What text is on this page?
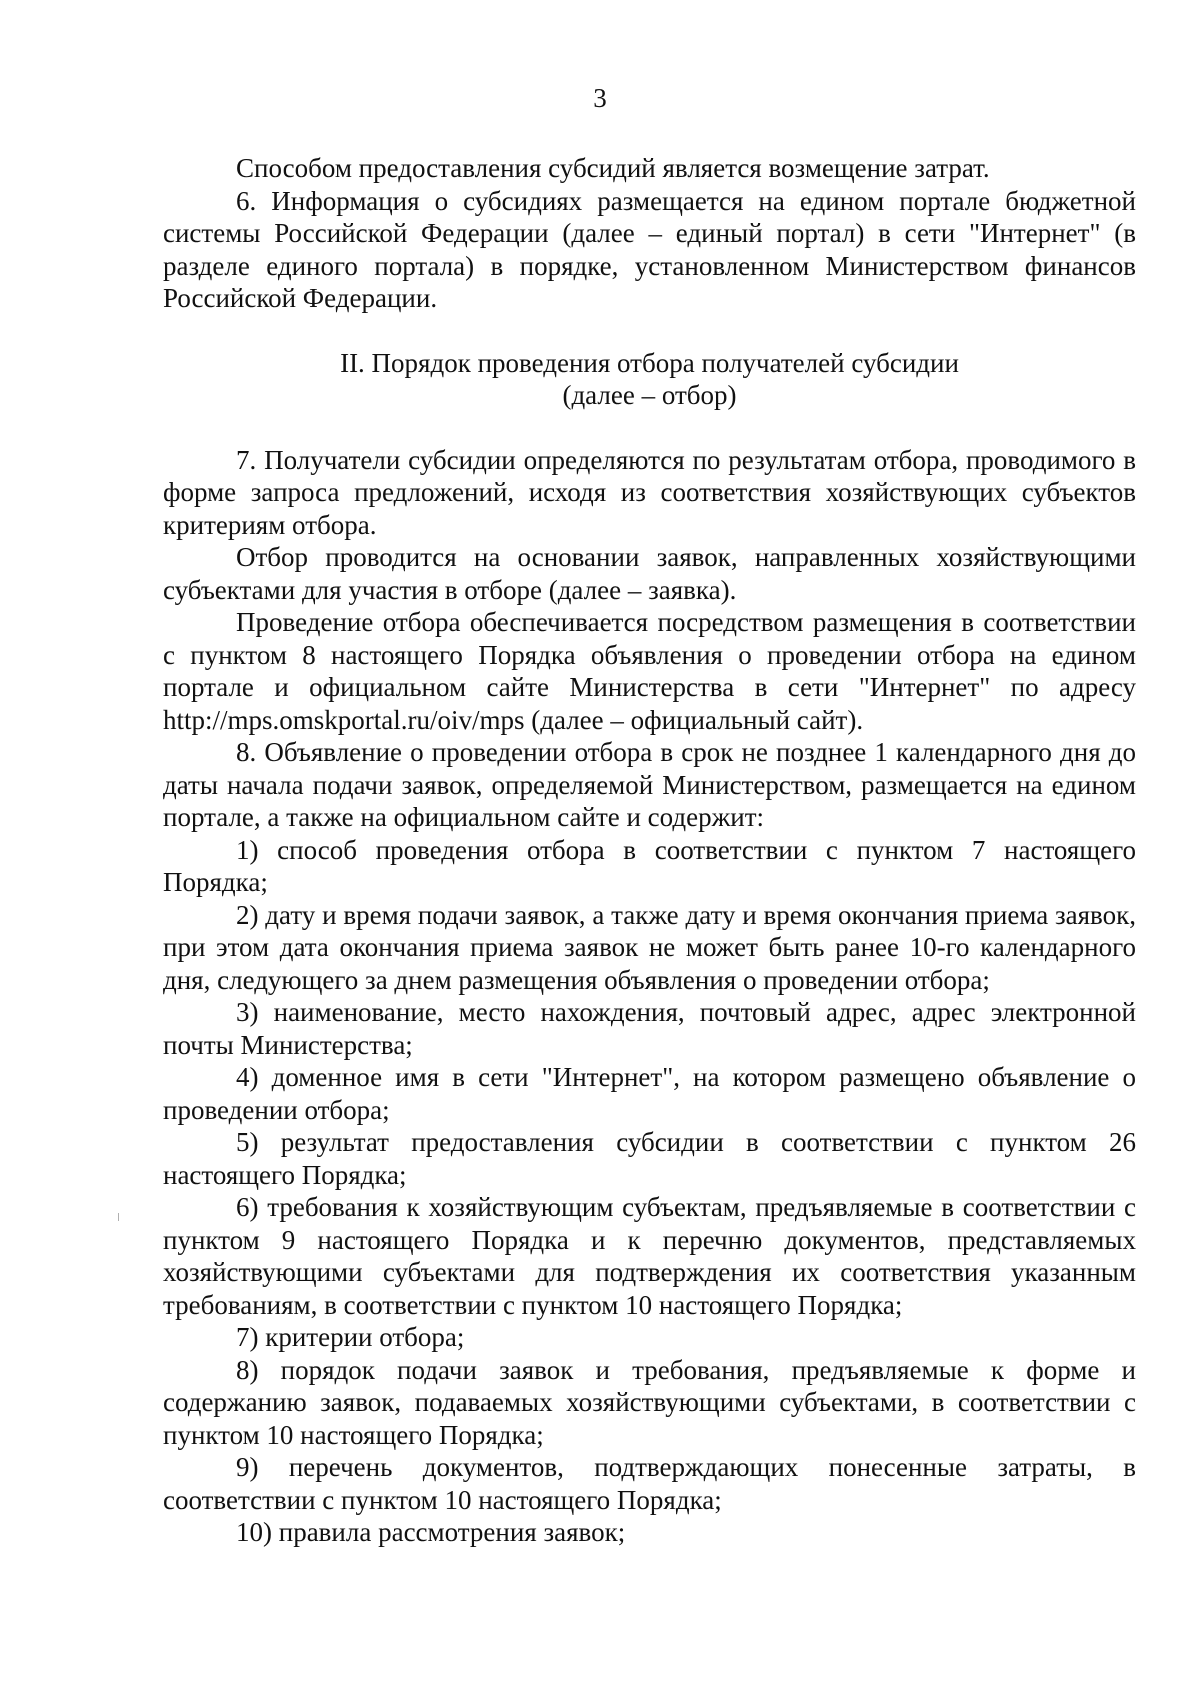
3

Способом предоставления субсидий является возмещение затрат.

6. Информация о субсидиях размещается на едином портале бюджетной системы Российской Федерации (далее – единый портал) в сети "Интернет" (в разделе единого портала) в порядке, установленном Министерством финансов Российской Федерации.

II. Порядок проведения отбора получателей субсидии
(далее – отбор)

7. Получатели субсидии определяются по результатам отбора, проводимого в форме запроса предложений, исходя из соответствия хозяйствующих субъектов критериям отбора.

Отбор проводится на основании заявок, направленных хозяйствующими субъектами для участия в отборе (далее – заявка).

Проведение отбора обеспечивается посредством размещения в соответствии с пунктом 8 настоящего Порядка объявления о проведении отбора на едином портале и официальном сайте Министерства в сети "Интернет" по адресу http://mps.omskportal.ru/oiv/mps (далее – официальный сайт).

8. Объявление о проведении отбора в срок не позднее 1 календарного дня до даты начала подачи заявок, определяемой Министерством, размещается на едином портале, а также на официальном сайте и содержит:

1) способ проведения отбора в соответствии с пунктом 7 настоящего Порядка;

2) дату и время подачи заявок, а также дату и время окончания приема заявок, при этом дата окончания приема заявок не может быть ранее 10-го календарного дня, следующего за днем размещения объявления о проведении отбора;

3) наименование, место нахождения, почтовый адрес, адрес электронной почты Министерства;

4) доменное имя в сети "Интернет", на котором размещено объявление о проведении отбора;

5) результат предоставления субсидии в соответствии с пунктом 26 настоящего Порядка;

6) требования к хозяйствующим субъектам, предъявляемые в соответствии с пунктом 9 настоящего Порядка и к перечню документов, представляемых хозяйствующими субъектами для подтверждения их соответствия указанным требованиям, в соответствии с пунктом 10 настоящего Порядка;

7) критерии отбора;

8) порядок подачи заявок и требования, предъявляемые к форме и содержанию заявок, подаваемых хозяйствующими субъектами, в соответствии с пунктом 10 настоящего Порядка;

9) перечень документов, подтверждающих понесенные затраты, в соответствии с пунктом 10 настоящего Порядка;

10) правила рассмотрения заявок;
